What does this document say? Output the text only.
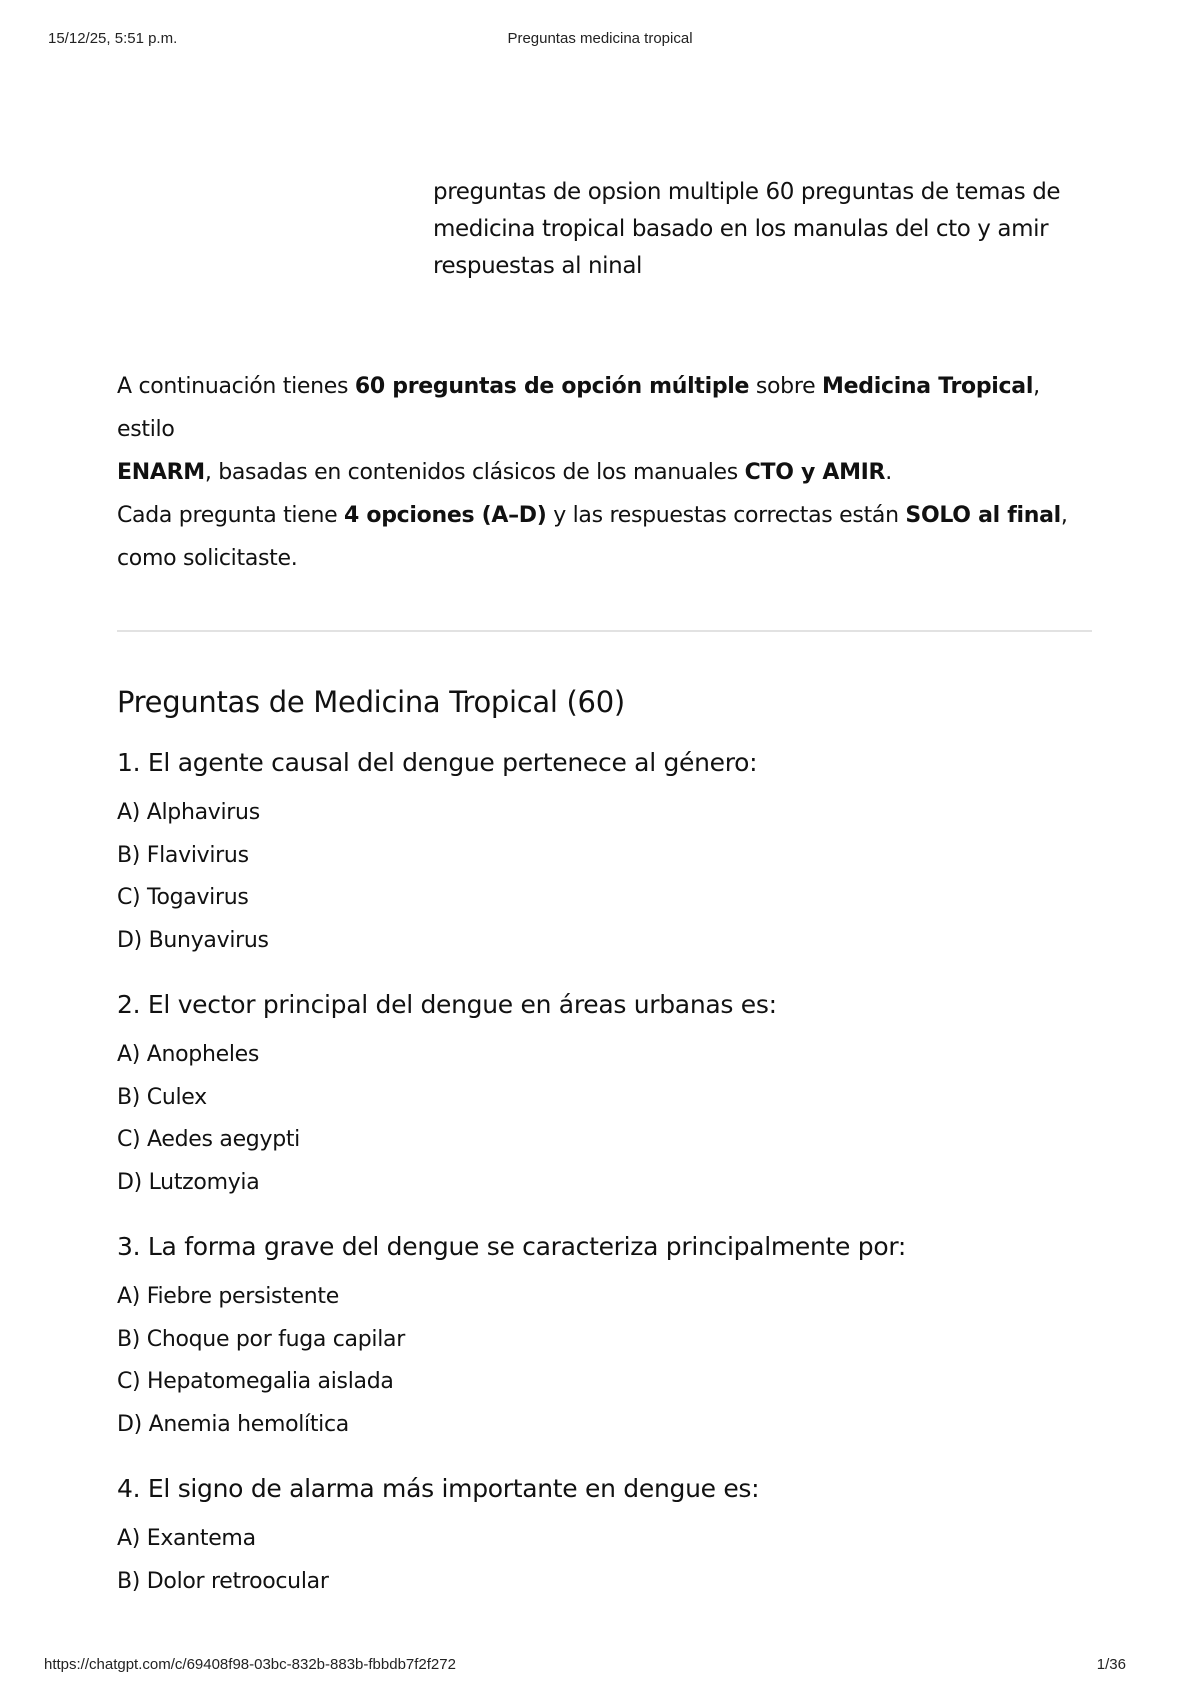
15/12/25, 5:51 p.m.	Preguntas medicina tropical
preguntas de opsion multiple 60 preguntas de temas de
medicina tropical basado en los manulas del cto y amir
respuestas al ninal

A continuación tienes 60 preguntas de opción múltiple sobre Medicina Tropical, estilo
ENARM, basadas en contenidos clásicos de los manuales CTO y AMIR.
Cada pregunta tiene 4 opciones (A–D) y las respuestas correctas están SOLO al final,
como solicitaste.

Preguntas de Medicina Tropical (60)
1. El agente causal del dengue pertenece al género:
A) Alphavirus
B) Flavivirus
C) Togavirus
D) Bunyavirus
2. El vector principal del dengue en áreas urbanas es:
A) Anopheles
B) Culex
C) Aedes aegypti
D) Lutzomyia
3. La forma grave del dengue se caracteriza principalmente por:
A) Fiebre persistente
B) Choque por fuga capilar
C) Hepatomegalia aislada
D) Anemia hemolítica
4. El signo de alarma más importante en dengue es:
A) Exantema
B) Dolor retroocular
https://chatgpt.com/c/69408f98-03bc-832b-883b-fbbdb7f2f272	1/36
